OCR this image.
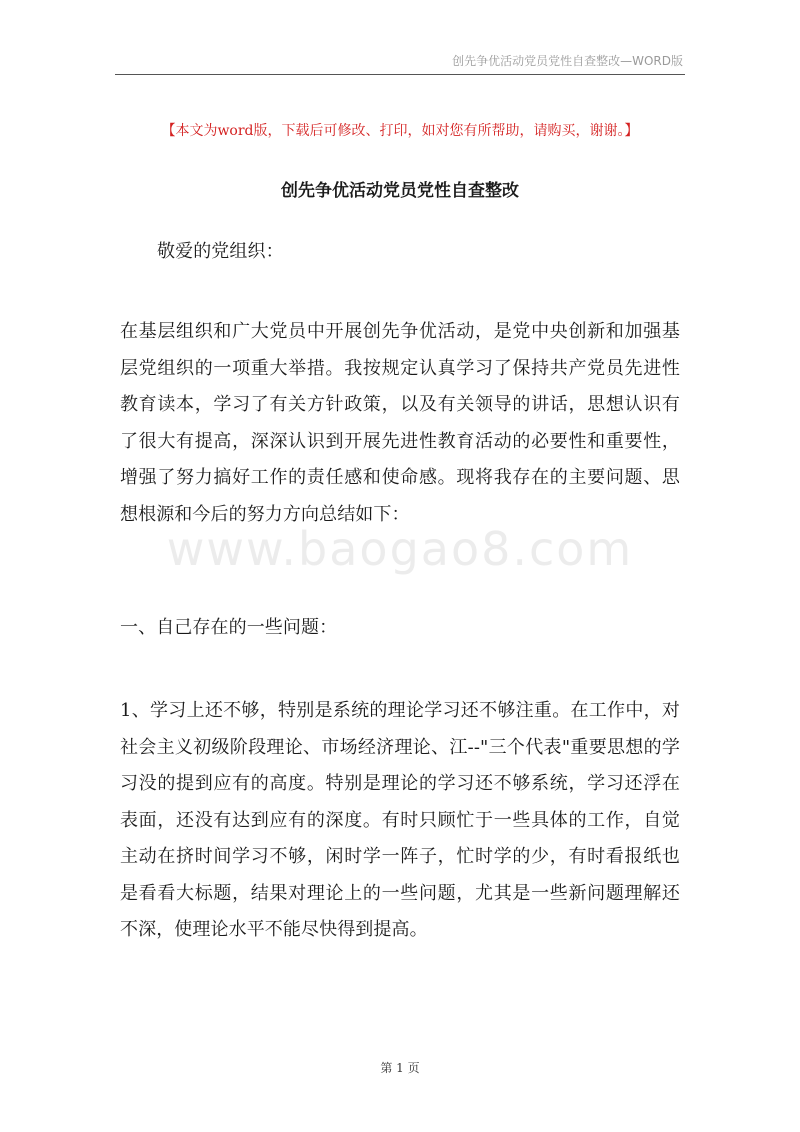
创先争优活动党员党性自查整改—WORD版
【本文为word版，下载后可修改、打印，如对您有所帮助，请购买，谢谢。】
创先争优活动党员党性自查整改
敬爱的党组织：
在基层组织和广大党员中开展创先争优活动，是党中央创新和加强基层党组织的一项重大举措。我按规定认真学习了保持共产党员先进性教育读本，学习了有关方针政策，以及有关领导的讲话，思想认识有了很大有提高，深深认识到开展先进性教育活动的必要性和重要性，增强了努力搞好工作的责任感和使命感。现将我存在的主要问题、思想根源和今后的努力方向总结如下：
www.baogao8.com
一、自己存在的一些问题：
1、学习上还不够，特别是系统的理论学习还不够注重。在工作中，对社会主义初级阶段理论、市场经济理论、江--"三个代表"重要思想的学习没的提到应有的高度。特别是理论的学习还不够系统，学习还浮在表面，还没有达到应有的深度。有时只顾忙于一些具体的工作，自觉主动在挤时间学习不够，闲时学一阵子，忙时学的少，有时看报纸也是看看大标题，结果对理论上的一些问题，尤其是一些新问题理解还不深，使理论水平不能尽快得到提高。
第 1 页
